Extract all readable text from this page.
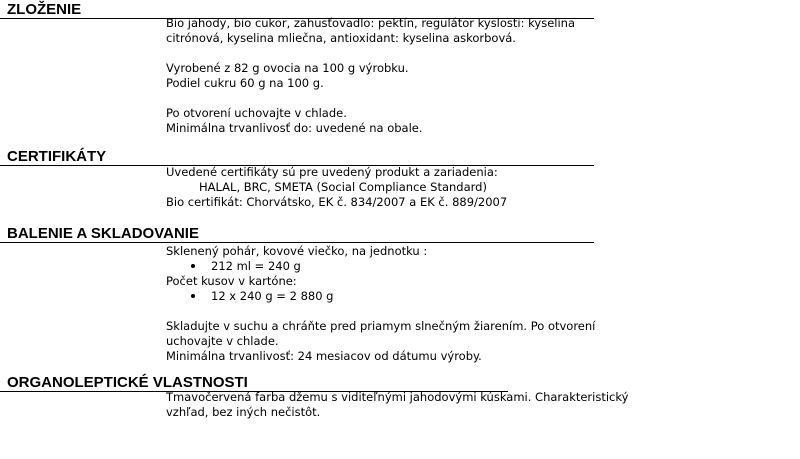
ZLOŽENIE
Bio jahody, bio cukor, zahusťovadlo: pektín, regulátor kyslosti: kyselina
citrónová, kyselina mliečna, antioxidant: kyselina askorbová.
Vyrobené z 82 g ovocia na 100 g výrobku.
Podiel cukru 60 g na 100 g.
Po otvorení uchovajte v chlade.
Minimálna trvanlivosť do: uvedené na obale.
CERTIFIKÁTY
Uvedené certifikáty sú pre uvedený produkt a zariadenia:
HALAL, BRC, SMETA (Social Compliance Standard)
Bio certifikát: Chorvátsko, EK č. 834/2007 a EK č. 889/2007
BALENIE A SKLADOVANIE
Sklenený pohár, kovové viečko, na jednotku :
212 ml = 240 g
Počet kusov v kartóne:
12 x 240 g = 2 880 g
Skladujte v suchu a chráňte pred priamym slnečným žiarením. Po otvorení
uchovajte v chlade.
Minimálna trvanlivosť: 24 mesiacov od dátumu výroby.
ORGANOLEPTICKÉ VLASTNOSTI
Tmavočervená farba džemu s viditeľnými jahodovými kúskami. Charakteristický
vzhľad, bez iných nečistôt.
